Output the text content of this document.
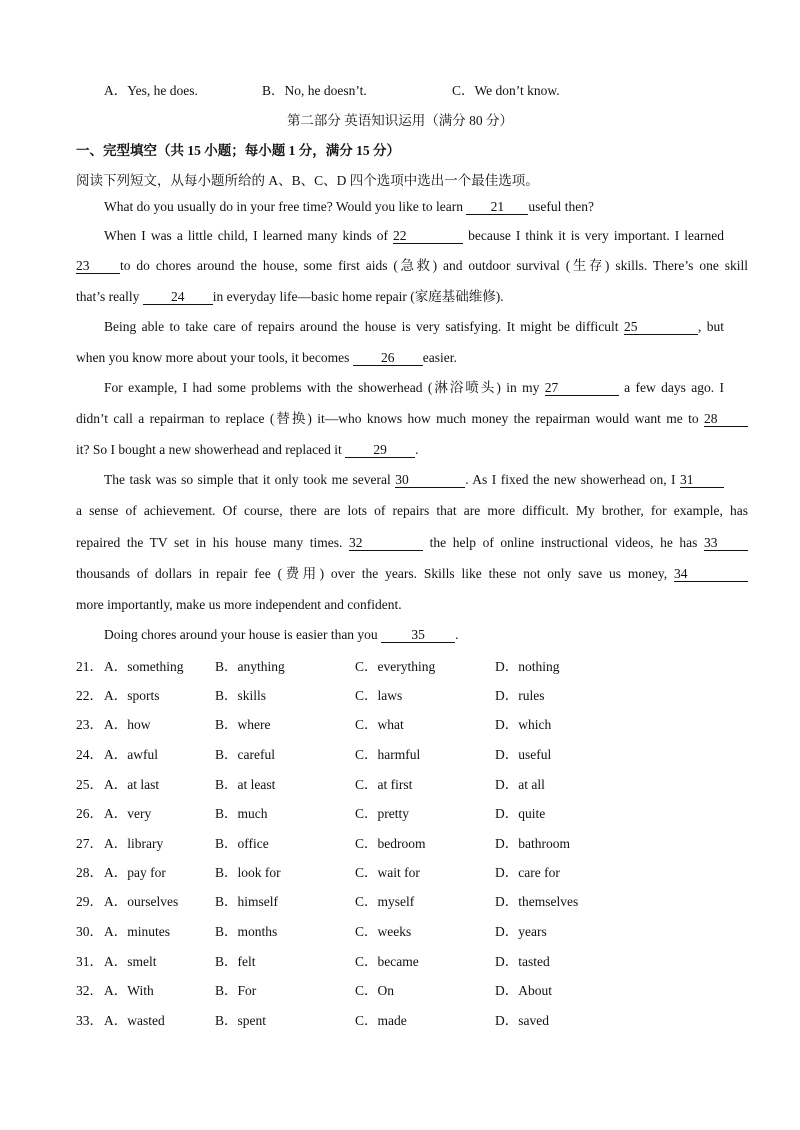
A．Yes, he does.	B．No, he doesn’t.	C．We don’t know.
第二部分 英语知识运用（满分 80 分）
一、完型填空（共 15 小题；每小题 1 分，满分 15 分）
阅读下列短文，从每小题所给的 A、B、C、D 四个选项中选出一个最佳选项。
What do you usually do in your free time? Would you like to learn 21 useful then?
When I was a little child, I learned many kinds of 22	because I think it is very important. I learned
23 to do chores around the house, some first aids (急救) and outdoor survival (生存) skills. There’s one skill
that’s really 24 in everyday life—basic home repair (家庭基础维修).
Being able to take care of repairs around the house is very satisfying. It might be difficult 25	, but
when you know more about your tools, it becomes 26 easier.
For example, I had some problems with the showerhead (淋浴喷头) in my 27	a few days ago. I
didn’t call a repairman to replace (替换) it—who knows how much money the repairman would want me to 28
it? So I bought a new showerhead and replaced it 29 .
The task was so simple that it only took me several 30	. As I fixed the new showerhead on, I 31
a sense of achievement. Of course, there are lots of repairs that are more difficult. My brother, for example, has
repaired the TV set in his house many times. 32	the help of online instructional videos, he has 33
thousands of dollars in repair fee (费用) over the years. Skills like these not only save us money, 34
more importantly, make us more independent and confident.
Doing chores around your house is easier than you 35 .
21． A．something B．anything	C．everything	D．nothing
22． A．sports	B．skills	C．laws	D．rules
23． A．how	B．where	C．what	D．which
24． A．awful	B．careful	C．harmful	D．useful
25． A．at last	B．at least	C．at first	D．at all
26． A．very	B．much	C．pretty	D．quite
27． A．library	B．office	C．bedroom	D．bathroom
28． A．pay for	B．look for	C．wait for	D．care for
29． A．ourselves	B．himself	C．myself	D．themselves
30． A．minutes	B．months	C．weeks	D．years
31． A．smelt	B．felt	C．became	D．tasted
32． A．With	B．For	C．On	D．About
33． A．wasted	B．spent	C．made	D．saved
